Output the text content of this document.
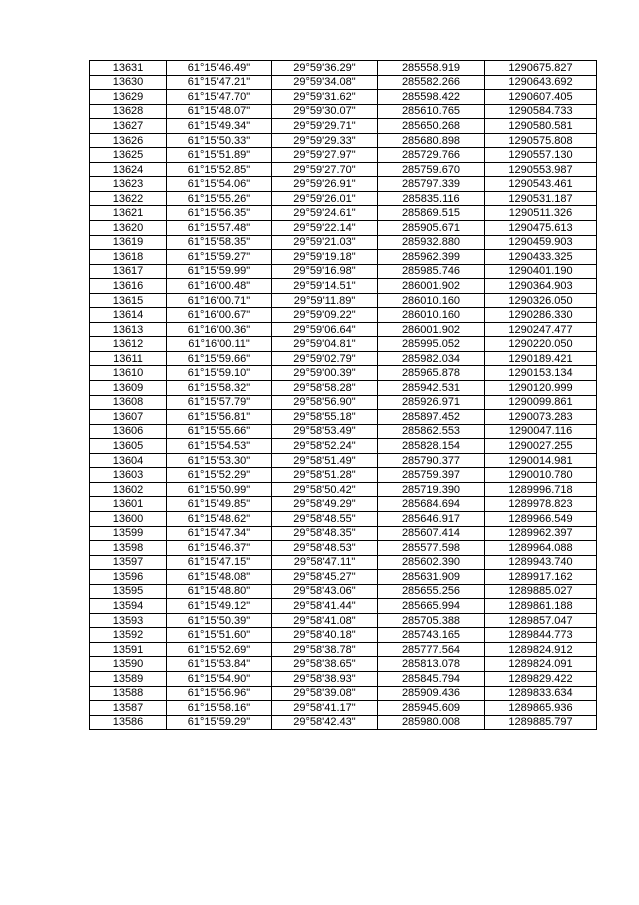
13631	61°15'46.49"	29°59'36.29"	285558.919	1290675.827
13630	61°15'47.21"	29°59'34.08"	285582.266	1290643.692
13629	61°15'47.70"	29°59'31.62"	285598.422	1290607.405
13628	61°15'48.07"	29°59'30.07"	285610.765	1290584.733
13627	61°15'49.34"	29°59'29.71"	285650.268	1290580.581
13626	61°15'50.33"	29°59'29.33"	285680.898	1290575.808
13625	61°15'51.89"	29°59'27.97"	285729.766	1290557.130
13624	61°15'52.85"	29°59'27.70"	285759.670	1290553.987
13623	61°15'54.06"	29°59'26.91"	285797.339	1290543.461
13622	61°15'55.26"	29°59'26.01"	285835.116	1290531.187
13621	61°15'56.35"	29°59'24.61"	285869.515	1290511.326
13620	61°15'57.48"	29°59'22.14"	285905.671	1290475.613
13619	61°15'58.35"	29°59'21.03"	285932.880	1290459.903
13618	61°15'59.27"	29°59'19.18"	285962.399	1290433.325
13617	61°15'59.99"	29°59'16.98"	285985.746	1290401.190
13616	61°16'00.48"	29°59'14.51"	286001.902	1290364.903
13615	61°16'00.71"	29°59'11.89"	286010.160	1290326.050
13614	61°16'00.67"	29°59'09.22"	286010.160	1290286.330
13613	61°16'00.36"	29°59'06.64"	286001.902	1290247.477
13612	61°16'00.11"	29°59'04.81"	285995.052	1290220.050
13611	61°15'59.66"	29°59'02.79"	285982.034	1290189.421
13610	61°15'59.10"	29°59'00.39"	285965.878	1290153.134
13609	61°15'58.32"	29°58'58.28"	285942.531	1290120.999
13608	61°15'57.79"	29°58'56.90"	285926.971	1290099.861
13607	61°15'56.81"	29°58'55.18"	285897.452	1290073.283
13606	61°15'55.66"	29°58'53.49"	285862.553	1290047.116
13605	61°15'54.53"	29°58'52.24"	285828.154	1290027.255
13604	61°15'53.30"	29°58'51.49"	285790.377	1290014.981
13603	61°15'52.29"	29°58'51.28"	285759.397	1290010.780
13602	61°15'50.99"	29°58'50.42"	285719.390	1289996.718
13601	61°15'49.85"	29°58'49.29"	285684.694	1289978.823
13600	61°15'48.62"	29°58'48.55"	285646.917	1289966.549
13599	61°15'47.34"	29°58'48.35"	285607.414	1289962.397
13598	61°15'46.37"	29°58'48.53"	285577.598	1289964.088
13597	61°15'47.15"	29°58'47.11"	285602.390	1289943.740
13596	61°15'48.08"	29°58'45.27"	285631.909	1289917.162
13595	61°15'48.80"	29°58'43.06"	285655.256	1289885.027
13594	61°15'49.12"	29°58'41.44"	285665.994	1289861.188
13593	61°15'50.39"	29°58'41.08"	285705.388	1289857.047
13592	61°15'51.60"	29°58'40.18"	285743.165	1289844.773
13591	61°15'52.69"	29°58'38.78"	285777.564	1289824.912
13590	61°15'53.84"	29°58'38.65"	285813.078	1289824.091
13589	61°15'54.90"	29°58'38.93"	285845.794	1289829.422
13588	61°15'56.96"	29°58'39.08"	285909.436	1289833.634
13587	61°15'58.16"	29°58'41.17"	285945.609	1289865.936
13586	61°15'59.29"	29°58'42.43"	285980.008	1289885.797
